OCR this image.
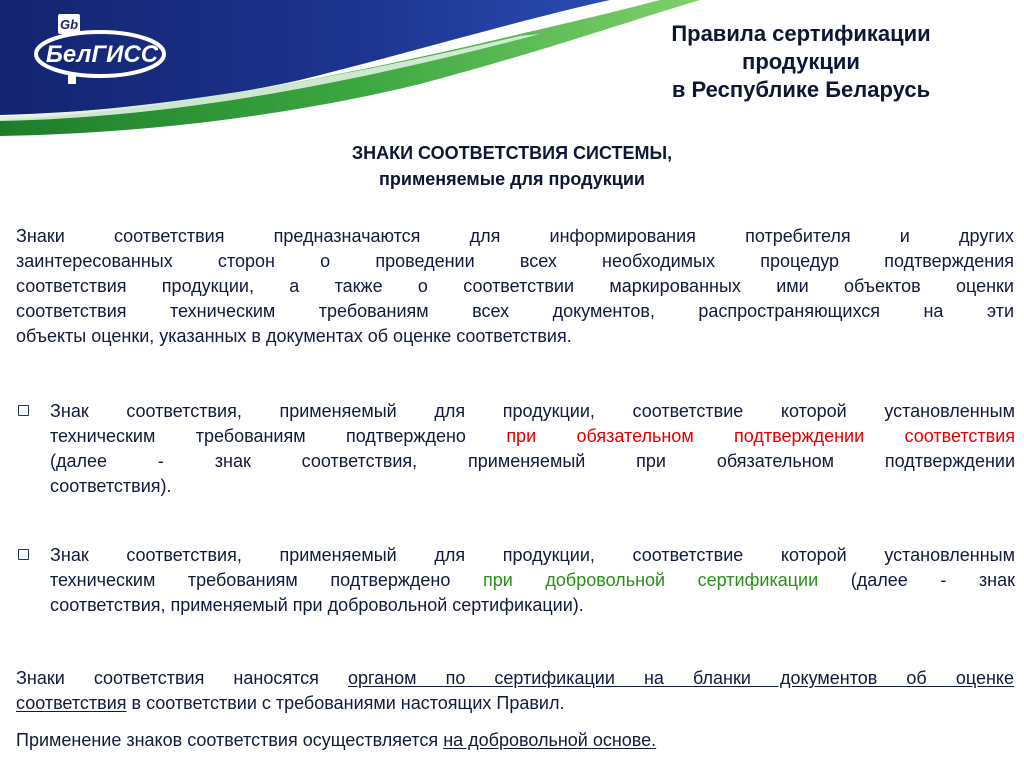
Gb
БелГИСС
Правила сертификации
продукции
в Республике Беларусь
ЗНАКИ СООТВЕТСТВИЯ СИСТЕМЫ,
применяемые для продукции
Знаки соответствия предназначаются для информирования потребителя и других
заинтересованных сторон о проведении всех необходимых процедур подтверждения
соответствия продукции, а также о соответствии маркированных ими объектов оценки
соответствия техническим требованиям всех документов, распространяющихся на эти
объекты оценки, указанных в документах об оценке соответствия.
Знак соответствия, применяемый для продукции, соответствие которой установленным
техническим требованиям подтверждено при обязательном подтверждении соответствия
(далее - знак соответствия, применяемый при обязательном подтверждении
соответствия).
Знак соответствия, применяемый для продукции, соответствие которой установленным
техническим требованиям подтверждено при добровольной сертификации (далее - знак
соответствия, применяемый при добровольной сертификации).
Знаки соответствия наносятся органом по сертификации на бланки документов об оценке
соответствия в соответствии с требованиями настоящих Правил.
Применение знаков соответствия осуществляется на добровольной основе.
